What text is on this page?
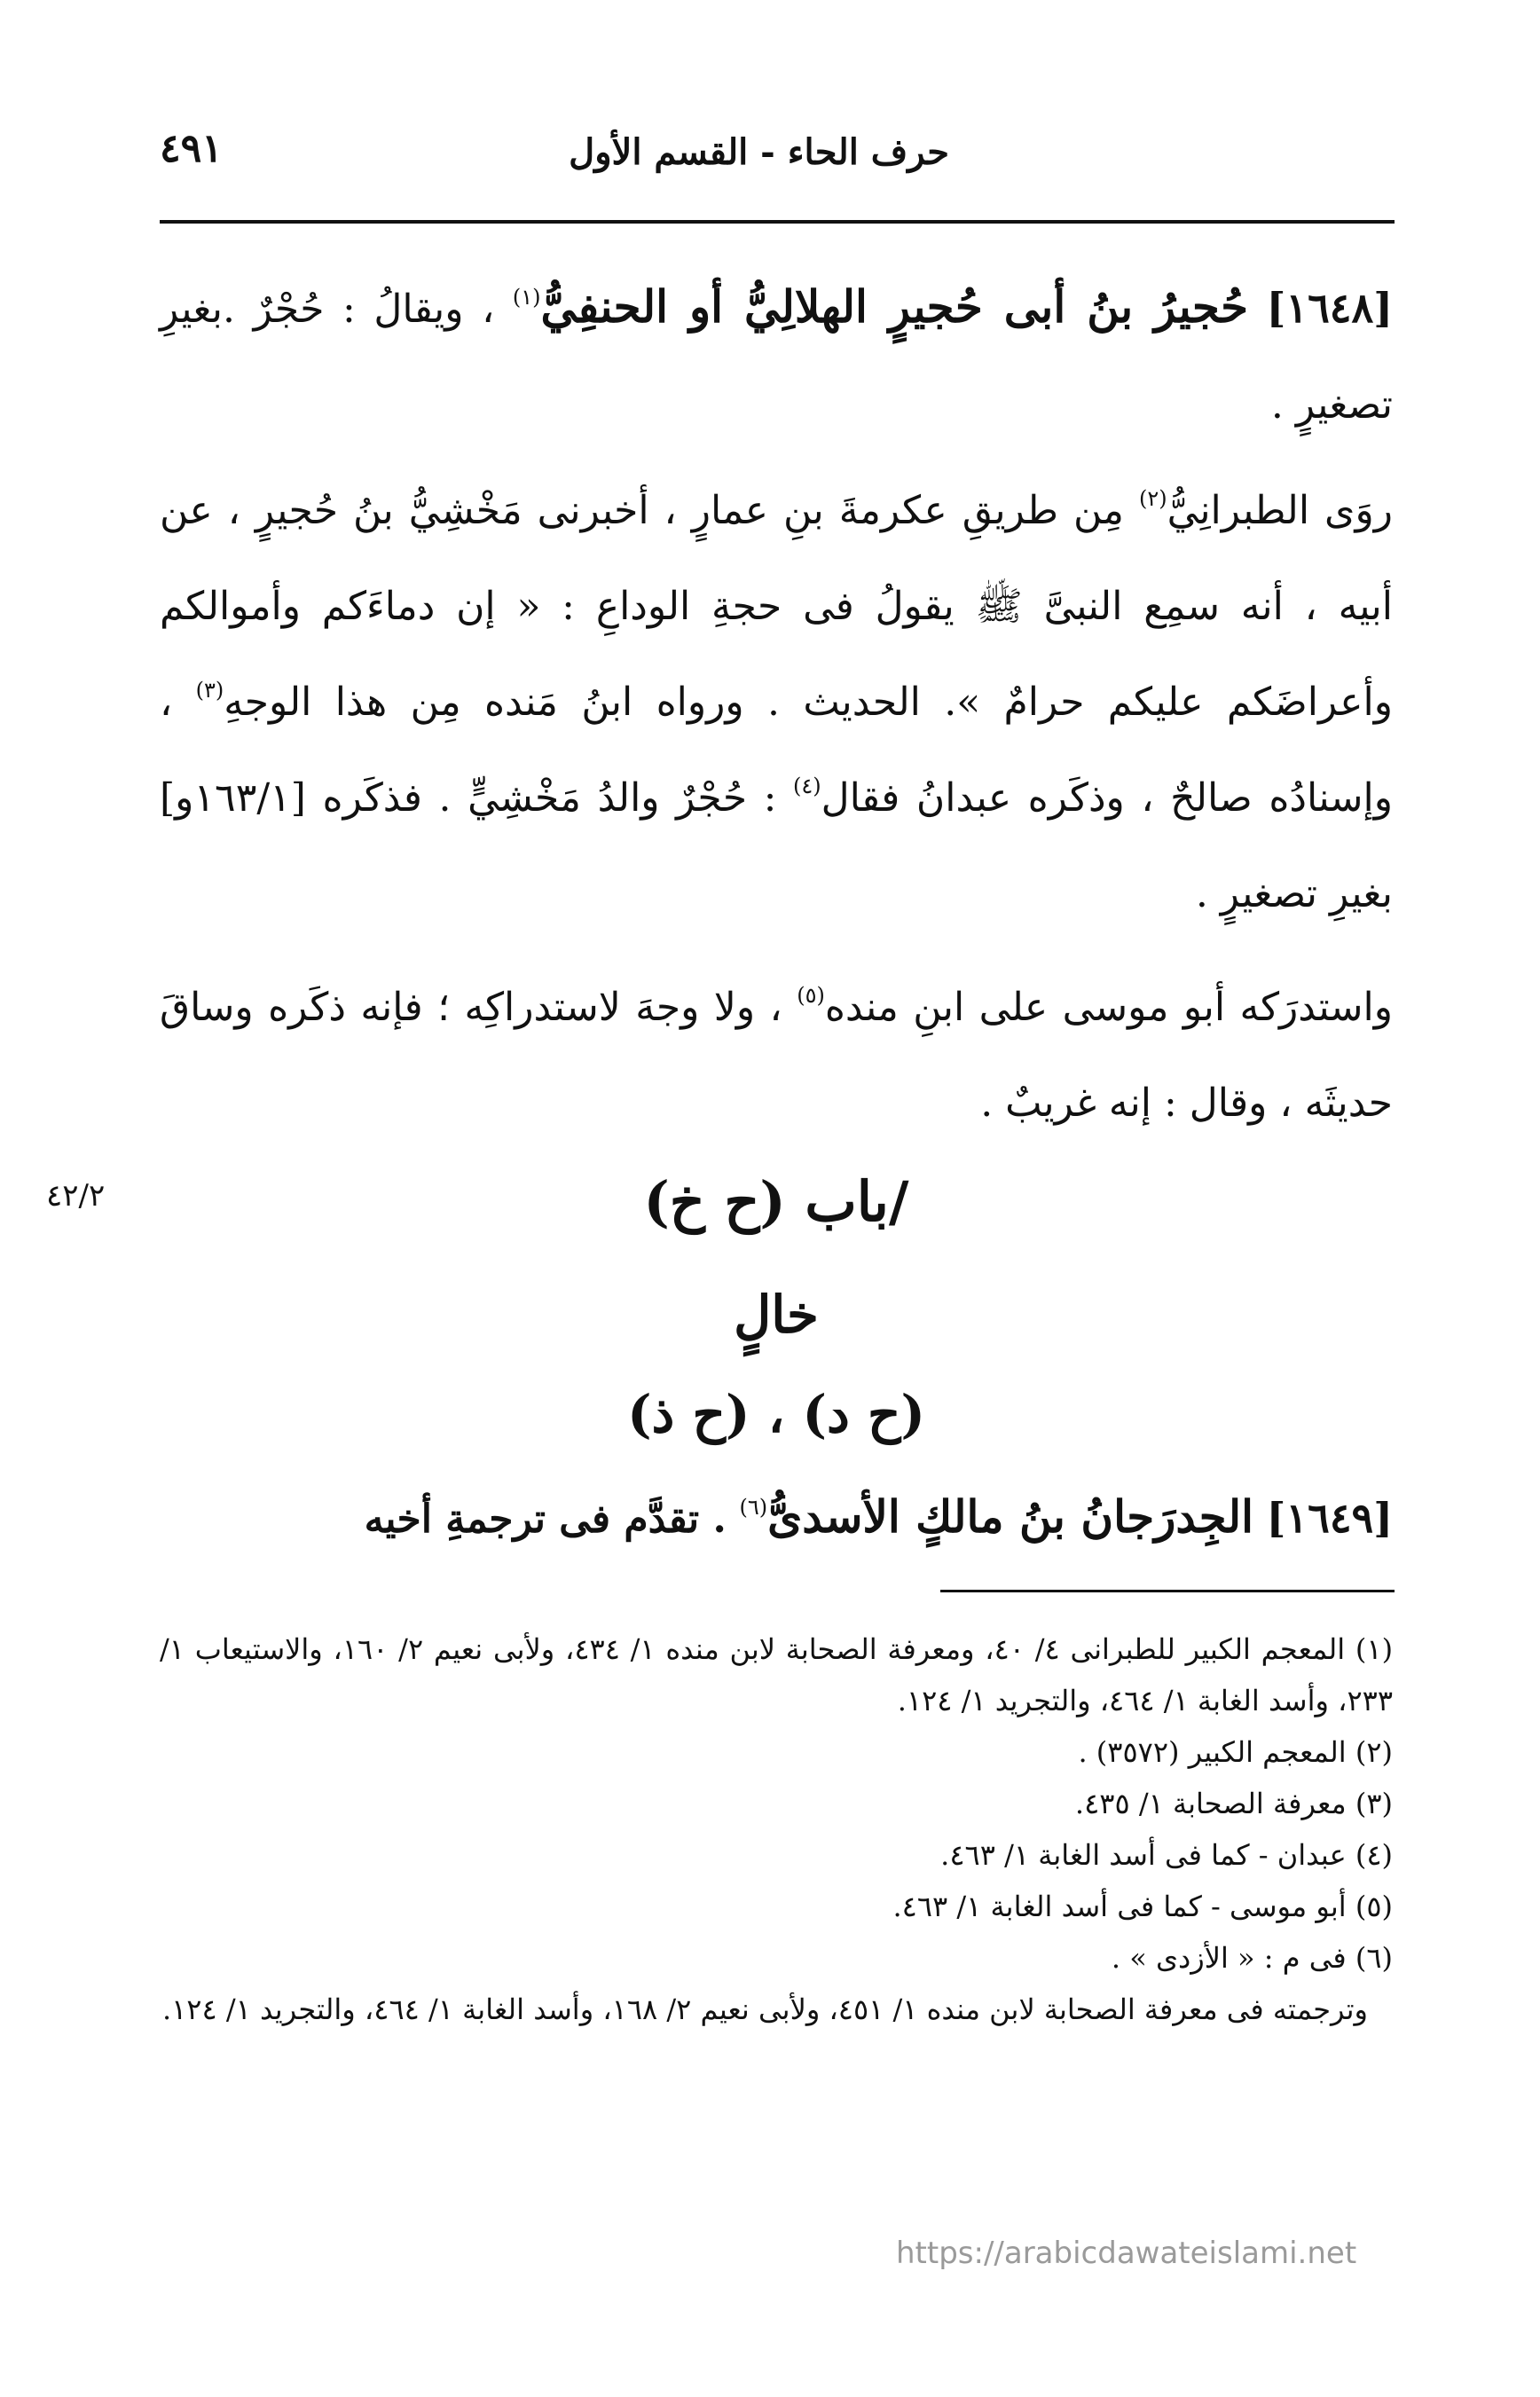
حرف الحاء - القسم الأول
٤٩١

[١٦٤٨] حُجيرُ بنُ أبى حُجيرٍ الهلالِيُّ أو الحنفِيُّ$^{(١)}$ ، ويقالُ : حُجْرٌ .بغيرِ تصغيرٍ .

روَى الطبرانِيُّ$^{(٢)}$ مِن طريقِ عكرمةَ بنِ عمارٍ ، أخبرنى مَخْشِيُّ بنُ حُجيرٍ ، عن أبيه ، أنه سمِع النبىَّ ﷺ يقولُ فى حجةِ الوداعِ : « إن دماءَكم وأموالكم وأعراضَكم عليكم حرامٌ ». الحديث . ورواه ابنُ مَنده مِن هذا الوجهِ$^{(٣)}$ ، وإسنادُه صالحٌ ، وذكَره عبدانُ فقال$^{(٤)}$ : حُجْرٌ والدُ مَخْشِيٍّ . فذكَره [١٦٣/١و] بغيرِ تصغيرٍ .

واستدرَكه أبو موسى على ابنِ منده$^{(٥)}$ ، ولا وجهَ لاستدراكِه ؛ فإنه ذكَره وساقَ حديثَه ، وقال : إنه غريبٌ .

/باب (ح خ)
٤٢/٢
خالٍ
(ح د) ، (ح ذ)
[١٦٤٩] الجِدرَجانُ بنُ مالكٍ الأسدىُّ$^{(٦)}$ . تقدَّم فى ترجمةِ أخيه

(١) المعجم الكبير للطبرانى ٤/ ٤٠، ومعرفة الصحابة لابن منده ١/ ٤٣٤، ولأبى نعيم ٢/ ١٦٠، والاستيعاب ١/ ٢٣٣، وأسد الغابة ١/ ٤٦٤، والتجريد ١/ ١٢٤.

(٢) المعجم الكبير (٣٥٧٢) .

(٣) معرفة الصحابة ١/ ٤٣٥.

(٤) عبدان - كما فى أسد الغابة ١/ ٤٦٣.

(٥) أبو موسى - كما فى أسد الغابة ١/ ٤٦٣.

(٦) فى م : « الأزدى » .

وترجمته فى معرفة الصحابة لابن منده ١/ ٤٥١، ولأبى نعيم ٢/ ١٦٨، وأسد الغابة ١/ ٤٦٤، والتجريد ١/ ١٢٤.

https://arabicdawateislami.net
